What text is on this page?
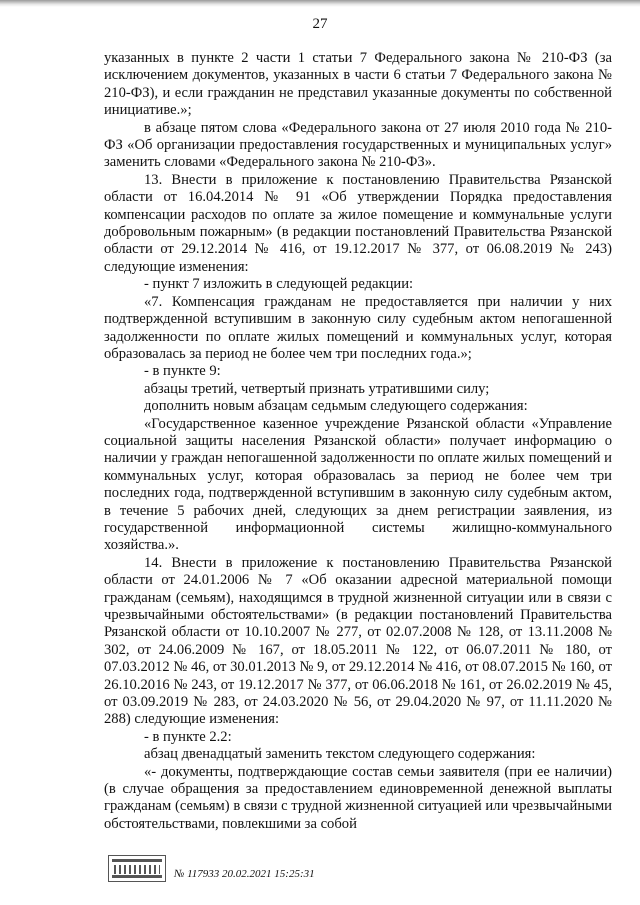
27

указанных в пункте 2 части 1 статьи 7 Федерального закона № 210-ФЗ (за исключением документов, указанных в части 6 статьи 7 Федерального закона № 210-ФЗ), и если гражданин не представил указанные документы по собственной инициативе.»;

в абзаце пятом слова «Федерального закона от 27 июля 2010 года № 210-ФЗ «Об организации предоставления государственных и муниципальных услуг» заменить словами «Федерального закона № 210-ФЗ».

13. Внести в приложение к постановлению Правительства Рязанской области от 16.04.2014 № 91 «Об утверждении Порядка предоставления компенсации расходов по оплате за жилое помещение и коммунальные услуги добровольным пожарным» (в редакции постановлений Правительства Рязанской области от 29.12.2014 № 416, от 19.12.2017 № 377, от 06.08.2019 № 243) следующие изменения:

- пункт 7 изложить в следующей редакции:

«7. Компенсация гражданам не предоставляется при наличии у них подтвержденной вступившим в законную силу судебным актом непогашенной задолженности по оплате жилых помещений и коммунальных услуг, которая образовалась за период не более чем три последних года.»;

- в пункте 9:

абзацы третий, четвертый признать утратившими силу;

дополнить новым абзацам седьмым следующего содержания:

«Государственное казенное учреждение Рязанской области «Управление социальной защиты населения Рязанской области» получает информацию о наличии у граждан непогашенной задолженности по оплате жилых помещений и коммунальных услуг, которая образовалась за период не более чем три последних года, подтвержденной вступившим в законную силу судебным актом, в течение 5 рабочих дней, следующих за днем регистрации заявления, из государственной информационной системы жилищно-коммунального хозяйства.».

14. Внести в приложение к постановлению Правительства Рязанской области от 24.01.2006 № 7 «Об оказании адресной материальной помощи гражданам (семьям), находящимся в трудной жизненной ситуации или в связи с чрезвычайными обстоятельствами» (в редакции постановлений Правительства Рязанской области от 10.10.2007 № 277, от 02.07.2008 № 128, от 13.11.2008 № 302, от 24.06.2009 № 167, от 18.05.2011 № 122, от 06.07.2011 № 180, от 07.03.2012 № 46, от 30.01.2013 № 9, от 29.12.2014 № 416, от 08.07.2015 № 160, от 26.10.2016 № 243, от 19.12.2017 № 377, от 06.06.2018 № 161, от 26.02.2019 № 45, от 03.09.2019 № 283, от 24.03.2020 № 56, от 29.04.2020 № 97, от 11.11.2020 № 288) следующие изменения:

- в пункте 2.2:

абзац двенадцатый заменить текстом следующего содержания:

«- документы, подтверждающие состав семьи заявителя (при ее наличии) (в случае обращения за предоставлением единовременной денежной выплаты гражданам (семьям) в связи с трудной жизненной ситуацией или чрезвычайными обстоятельствами, повлекшими за собой

№ 117933 20.02.2021 15:25:31
